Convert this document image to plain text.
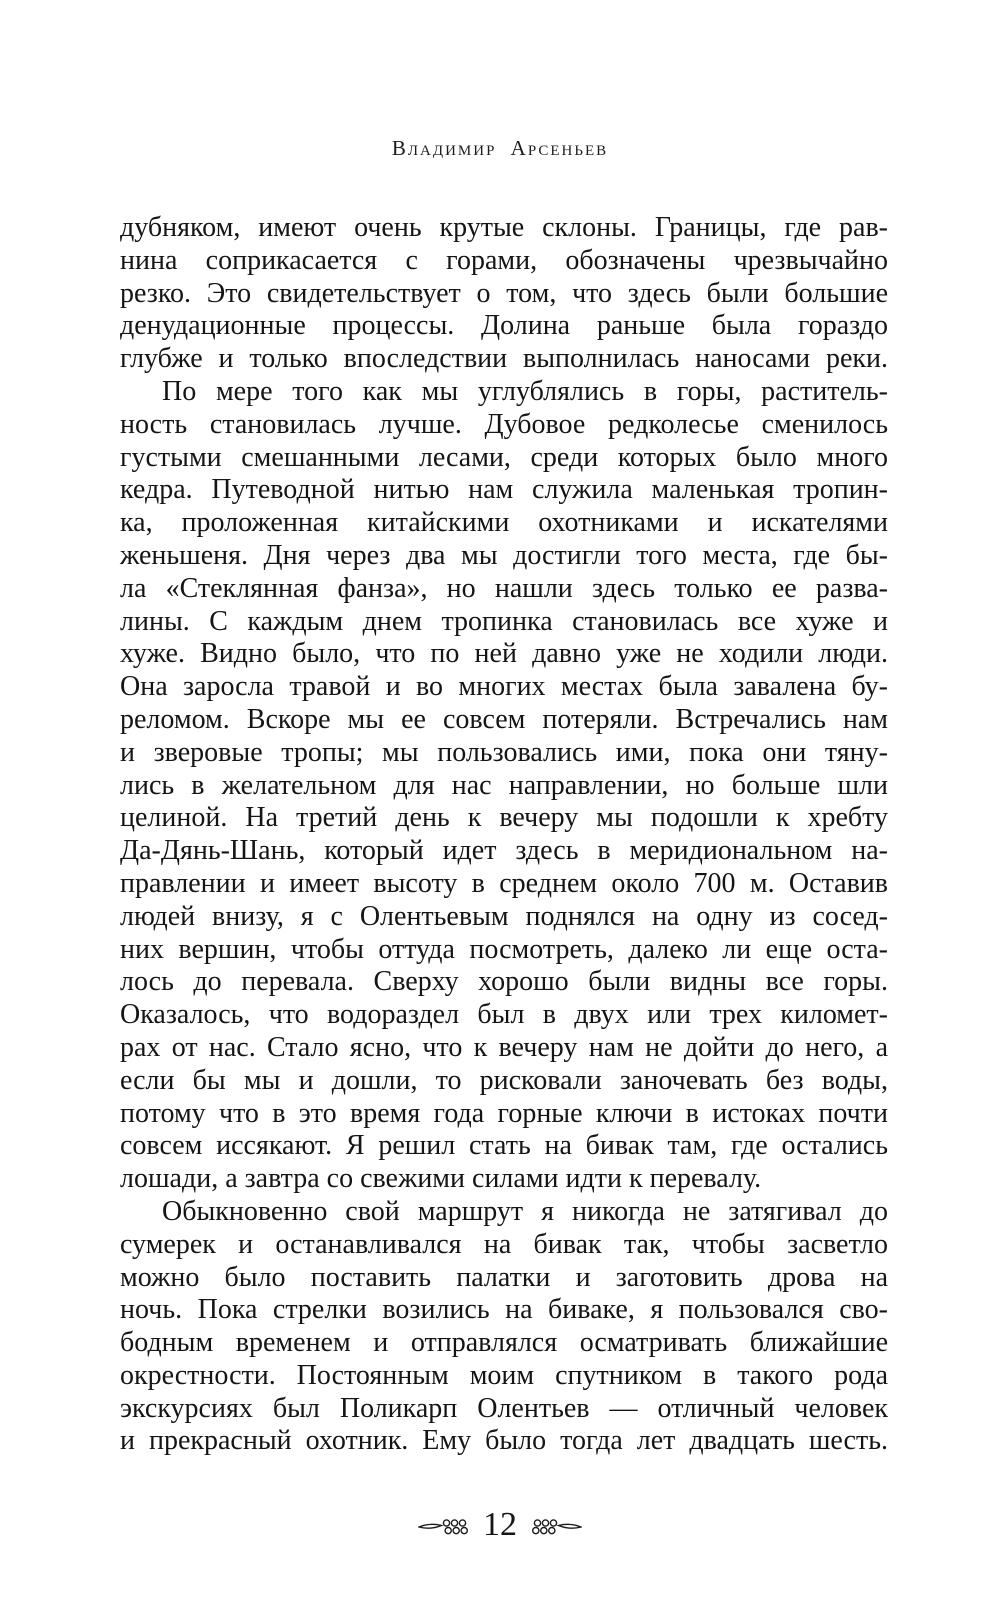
Владимир Арсеньев
дубняком, имеют очень крутые склоны. Границы, где рав-
нина соприкасается с горами, обозначены чрезвычайно
резко. Это свидетельствует о том, что здесь были большие
денудационные процессы. Долина раньше была гораздо
глубже и только впоследствии выполнилась наносами реки.
По мере того как мы углублялись в горы, раститель-
ность становилась лучше. Дубовое редколесье сменилось
густыми смешанными лесами, среди которых было много
кедра. Путеводной нитью нам служила маленькая тропин-
ка, проложенная китайскими охотниками и искателями
женьшеня. Дня через два мы достигли того места, где бы-
ла «Стеклянная фанза», но нашли здесь только ее разва-
лины. С каждым днем тропинка становилась все хуже и
хуже. Видно было, что по ней давно уже не ходили люди.
Она заросла травой и во многих местах была завалена бу-
реломом. Вскоре мы ее совсем потеряли. Встречались нам
и зверовые тропы; мы пользовались ими, пока они тяну-
лись в желательном для нас направлении, но больше шли
целиной. На третий день к вечеру мы подошли к хребту
Да-Дянь-Шань, который идет здесь в меридиональном на-
правлении и имеет высоту в среднем около 700 м. Оставив
людей внизу, я с Олентьевым поднялся на одну из сосед-
них вершин, чтобы оттуда посмотреть, далеко ли еще оста-
лось до перевала. Сверху хорошо были видны все горы.
Оказалось, что водораздел был в двух или трех километ-
рах от нас. Стало ясно, что к вечеру нам не дойти до него, а
если бы мы и дошли, то рисковали заночевать без воды,
потому что в это время года горные ключи в истоках почти
совсем иссякают. Я решил стать на бивак там, где остались
лошади, а завтра со свежими силами идти к перевалу.
Обыкновенно свой маршрут я никогда не затягивал до
сумерек и останавливался на бивак так, чтобы засветло
можно было поставить палатки и заготовить дрова на
ночь. Пока стрелки возились на биваке, я пользовался сво-
бодным временем и отправлялся осматривать ближайшие
окрестности. Постоянным моим спутником в такого рода
экскурсиях был Поликарп Олентьев — отличный человек
и прекрасный охотник. Ему было тогда лет двадцать шесть.
12
